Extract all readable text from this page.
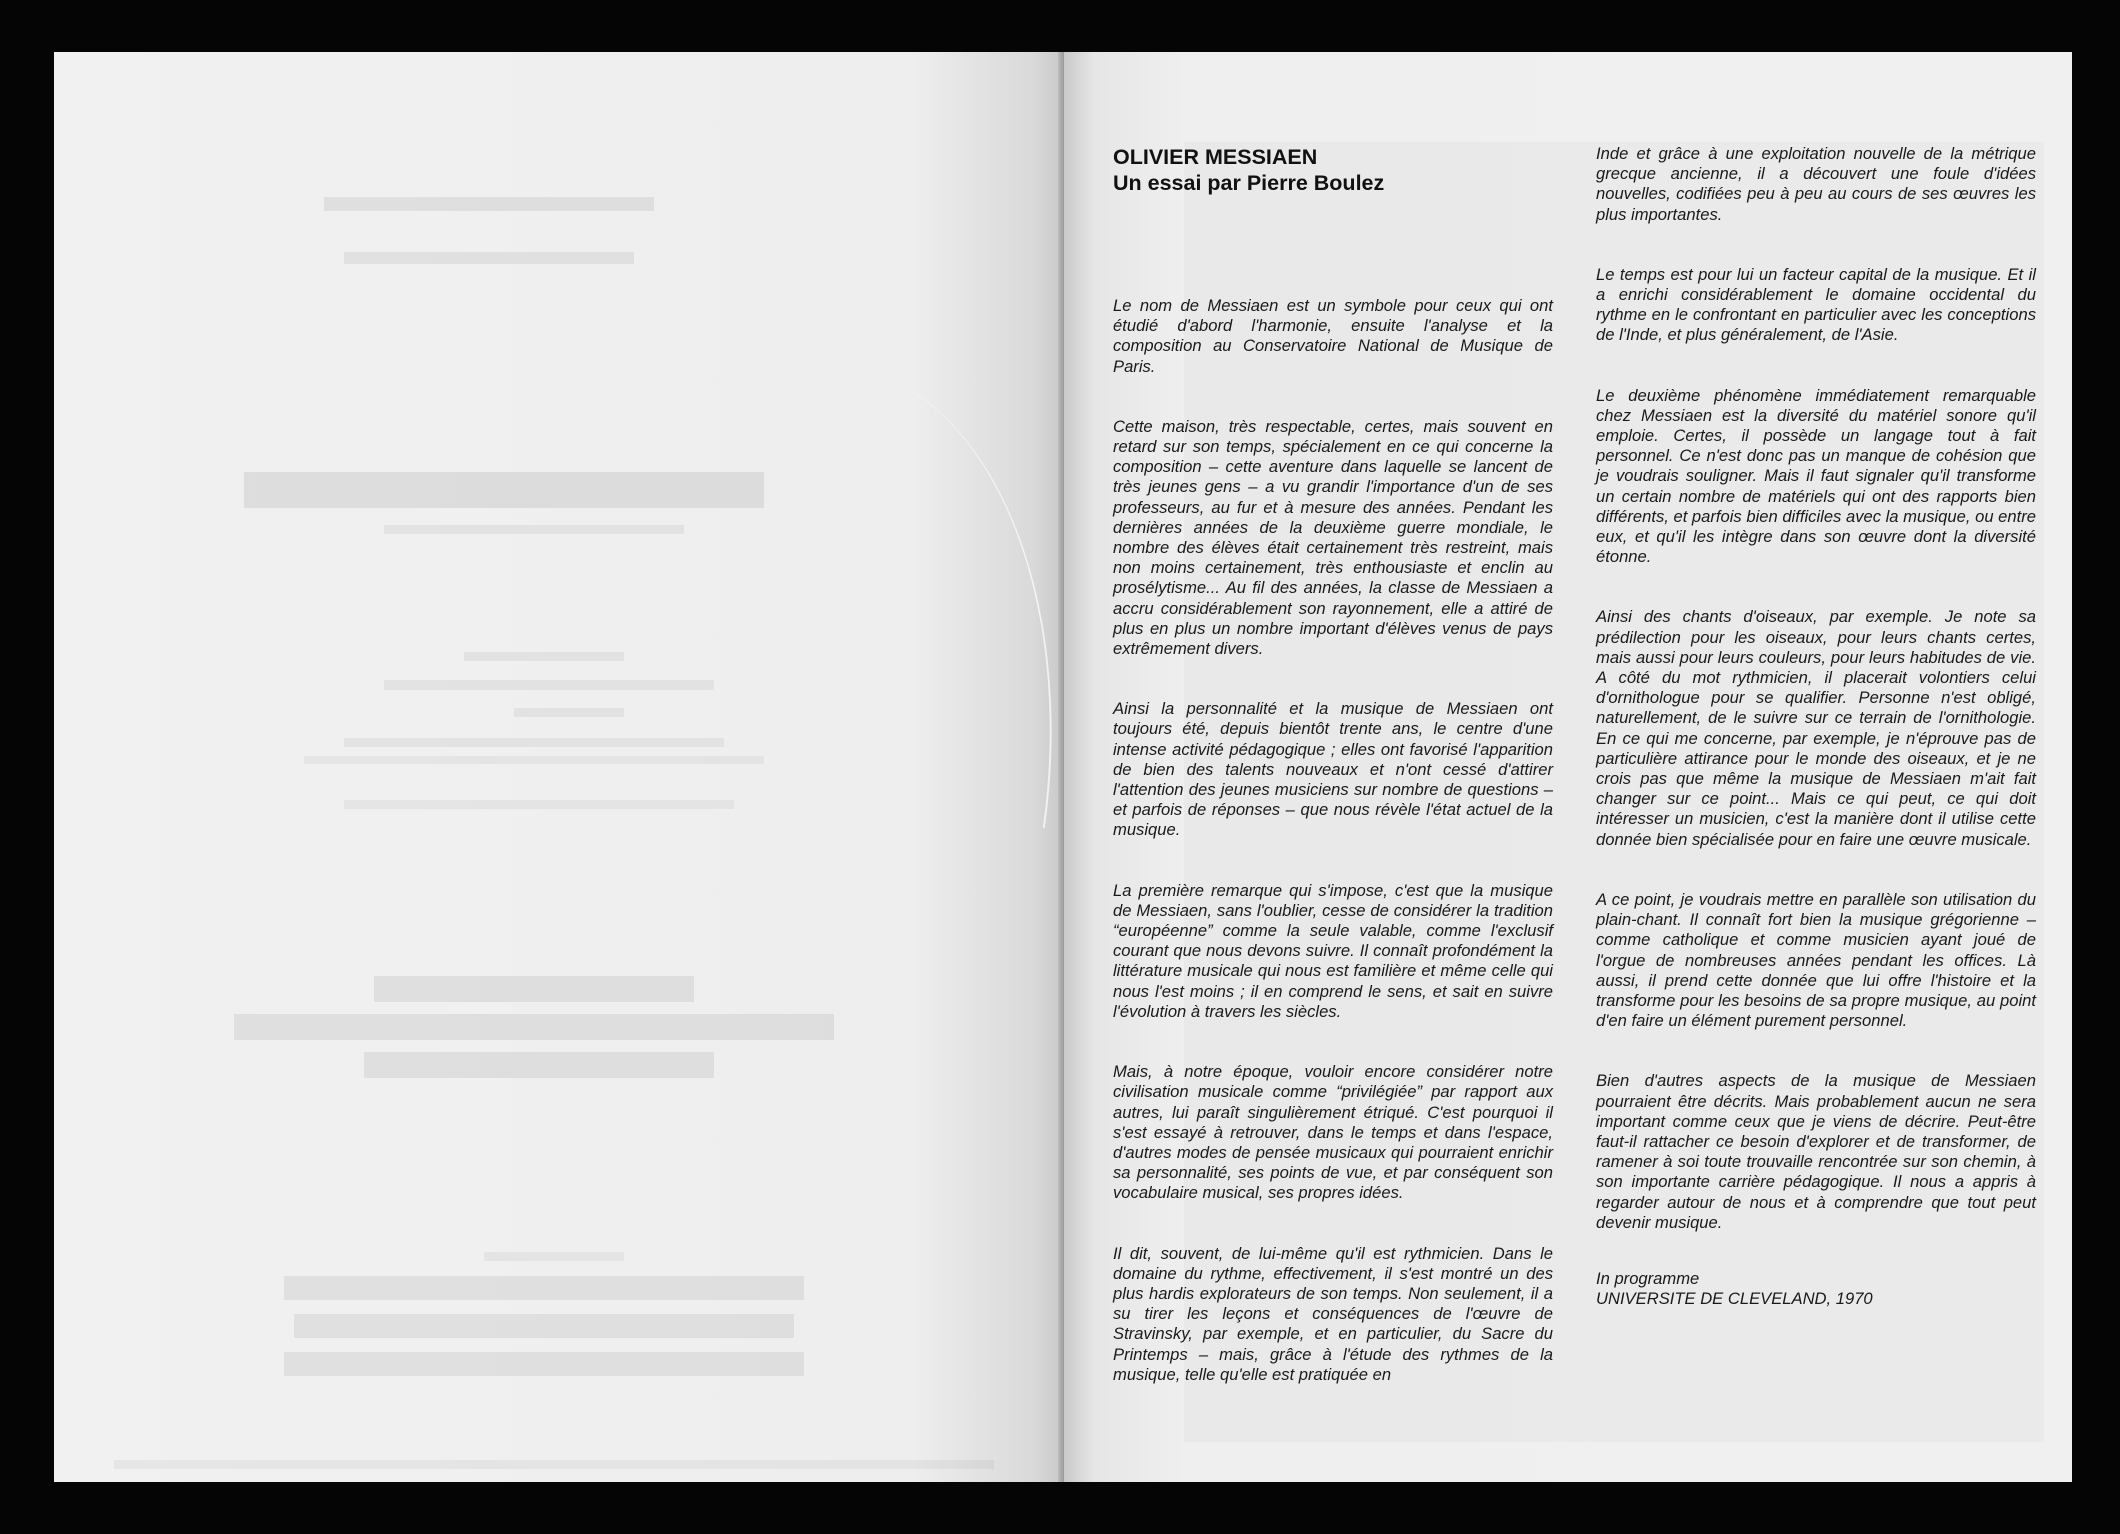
OLIVIER MESSIAEN
Un essai par Pierre Boulez

Le nom de Messiaen est un symbole pour ceux qui ont étudié d'abord l'harmonie, ensuite l'analyse et la composition au Conservatoire National de Musique de Paris.

Cette maison, très respectable, certes, mais souvent en retard sur son temps, spécialement en ce qui concerne la composition – cette aventure dans laquelle se lancent de très jeunes gens – a vu grandir l'importance d'un de ses professeurs, au fur et à mesure des années. Pendant les dernières années de la deuxième guerre mondiale, le nombre des élèves était certainement très restreint, mais non moins certainement, très enthousiaste et enclin au prosélytisme... Au fil des années, la classe de Messiaen a accru considérablement son rayonnement, elle a attiré de plus en plus un nombre important d'élèves venus de pays extrêmement divers.

Ainsi la personnalité et la musique de Messiaen ont toujours été, depuis bientôt trente ans, le centre d'une intense activité pédagogique ; elles ont favorisé l'apparition de bien des talents nouveaux et n'ont cessé d'attirer l'attention des jeunes musiciens sur nombre de questions – et parfois de réponses – que nous révèle l'état actuel de la musique.

La première remarque qui s'impose, c'est que la musique de Messiaen, sans l'oublier, cesse de considérer la tradition “européenne” comme la seule valable, comme l'exclusif courant que nous devons suivre. Il connaît profondément la littérature musicale qui nous est familière et même celle qui nous l'est moins ; il en comprend le sens, et sait en suivre l'évolution à travers les siècles.

Mais, à notre époque, vouloir encore considérer notre civilisation musicale comme “privilégiée” par rapport aux autres, lui paraît singulièrement étriqué. C'est pourquoi il s'est essayé à retrouver, dans le temps et dans l'espace, d'autres modes de pensée musicaux qui pourraient enrichir sa personnalité, ses points de vue, et par conséquent son vocabulaire musical, ses propres idées.

Il dit, souvent, de lui-même qu'il est rythmicien. Dans le domaine du rythme, effectivement, il s'est montré un des plus hardis explorateurs de son temps. Non seulement, il a su tirer les leçons et conséquences de l'œuvre de Stravinsky, par exemple, et en particulier, du Sacre du Printemps – mais, grâce à l'étude des rythmes de la musique, telle qu'elle est pratiquée en

Inde et grâce à une exploitation nouvelle de la métrique grecque ancienne, il a découvert une foule d'idées nouvelles, codifiées peu à peu au cours de ses œuvres les plus importantes.

Le temps est pour lui un facteur capital de la musique. Et il a enrichi considérablement le domaine occidental du rythme en le confrontant en particulier avec les conceptions de l'Inde, et plus généralement, de l'Asie.

Le deuxième phénomène immédiatement remarquable chez Messiaen est la diversité du matériel sonore qu'il emploie. Certes, il possède un langage tout à fait personnel. Ce n'est donc pas un manque de cohésion que je voudrais souligner. Mais il faut signaler qu'il transforme un certain nombre de matériels qui ont des rapports bien différents, et parfois bien difficiles avec la musique, ou entre eux, et qu'il les intègre dans son œuvre dont la diversité étonne.

Ainsi des chants d'oiseaux, par exemple. Je note sa prédilection pour les oiseaux, pour leurs chants certes, mais aussi pour leurs couleurs, pour leurs habitudes de vie. A côté du mot rythmicien, il placerait volontiers celui d'ornithologue pour se qualifier. Personne n'est obligé, naturellement, de le suivre sur ce terrain de l'ornithologie. En ce qui me concerne, par exemple, je n'éprouve pas de particulière attirance pour le monde des oiseaux, et je ne crois pas que même la musique de Messiaen m'ait fait changer sur ce point... Mais ce qui peut, ce qui doit intéresser un musicien, c'est la manière dont il utilise cette donnée bien spécialisée pour en faire une œuvre musicale.

A ce point, je voudrais mettre en parallèle son utilisation du plain-chant. Il connaît fort bien la musique grégorienne – comme catholique et comme musicien ayant joué de l'orgue de nombreuses années pendant les offices. Là aussi, il prend cette donnée que lui offre l'histoire et la transforme pour les besoins de sa propre musique, au point d'en faire un élément purement personnel.

Bien d'autres aspects de la musique de Messiaen pourraient être décrits. Mais probablement aucun ne sera important comme ceux que je viens de décrire. Peut-être faut-il rattacher ce besoin d'explorer et de transformer, de ramener à soi toute trouvaille rencontrée sur son chemin, à son importante carrière pédagogique. Il nous a appris à regarder autour de nous et à comprendre que tout peut devenir musique.

In programme
UNIVERSITE DE CLEVELAND, 1970
